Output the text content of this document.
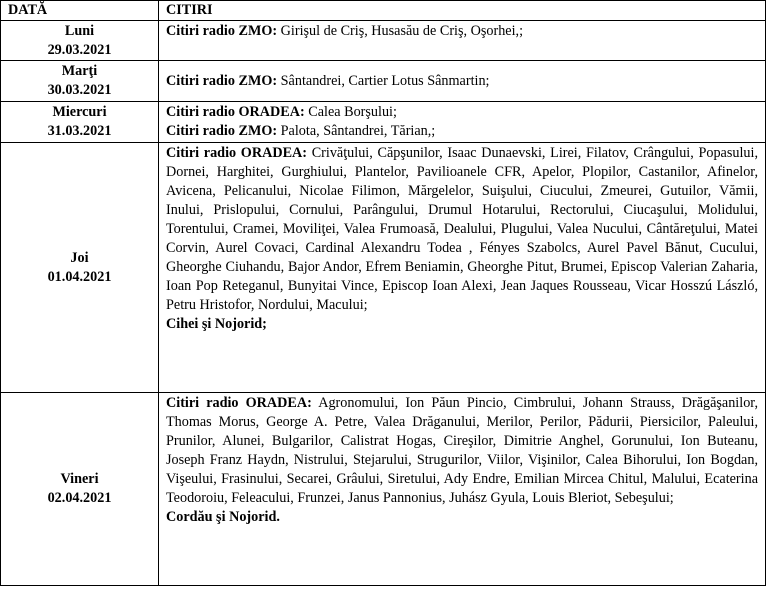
DATĂ	CITIRI

Luni
29.03.2021	Citiri radio ZMO: Girişul de Criş, Husasău de Criş, Oşorhei,;

Marţi
30.03.2021	Citiri radio ZMO: Sântandrei, Cartier Lotus Sânmartin;

Miercuri
31.03.2021	Citiri radio ORADEA: Calea Borşului;
Citiri radio ZMO: Palota, Sântandrei, Tărian,;

Joi
01.04.2021	Citiri radio ORADEA: Crivăţului, Căpşunilor, Isaac Dunaevski, Lirei, Filatov, Crângului, Popasului, Dornei, Harghitei, Gurghiului, Plantelor, Pavilioanele CFR, Apelor, Plopilor, Castanilor, Afinelor, Avicena, Pelicanului, Nicolae Filimon, Mărgelelor, Suişului, Ciucului, Zmeurei, Gutuilor, Vămii, Inului, Prislopului, Cornului, Parângului, Drumul Hotarului, Rectorului, Ciucaşului, Molidului, Torentului, Cramei, Moviliţei, Valea Frumoasă, Dealului, Plugului, Valea Nucului, Cântăreţului, Matei Corvin, Aurel Covaci, Cardinal Alexandru Todea , Fényes Szabolcs, Aurel Pavel Bănut, Cucului, Gheorghe Ciuhandu, Bajor Andor, Efrem Beniamin, Gheorghe Pitut, Brumei, Episcop Valerian Zaharia, Ioan Pop Reteganul, Bunyitai Vince, Episcop Ioan Alexi, Jean Jaques Rousseau, Vicar Hosszú László, Petru Hristofor, Nordului, Macului;
Cihei şi Nojorid;

Vineri
02.04.2021	Citiri radio ORADEA: Agronomului, Ion Păun Pincio, Cimbrului, Johann Strauss, Drăgăşanilor, Thomas Morus, George A. Petre, Valea Drăganului, Merilor, Perilor, Pădurii, Piersicilor, Paleului, Prunilor, Alunei, Bulgarilor, Calistrat Hogas, Cireşilor, Dimitrie Anghel, Gorunului, Ion Buteanu, Joseph Franz Haydn, Nistrului, Stejarului, Strugurilor, Viilor, Vişinilor, Calea Bihorului, Ion Bogdan, Vişeului, Frasinului, Secarei, Grâului, Siretului, Ady Endre, Emilian Mircea Chitul, Malului, Ecaterina Teodoroiu, Feleacului, Frunzei, Janus Pannonius, Juhász Gyula, Louis Bleriot, Sebeşului;
Cordău şi Nojorid.
